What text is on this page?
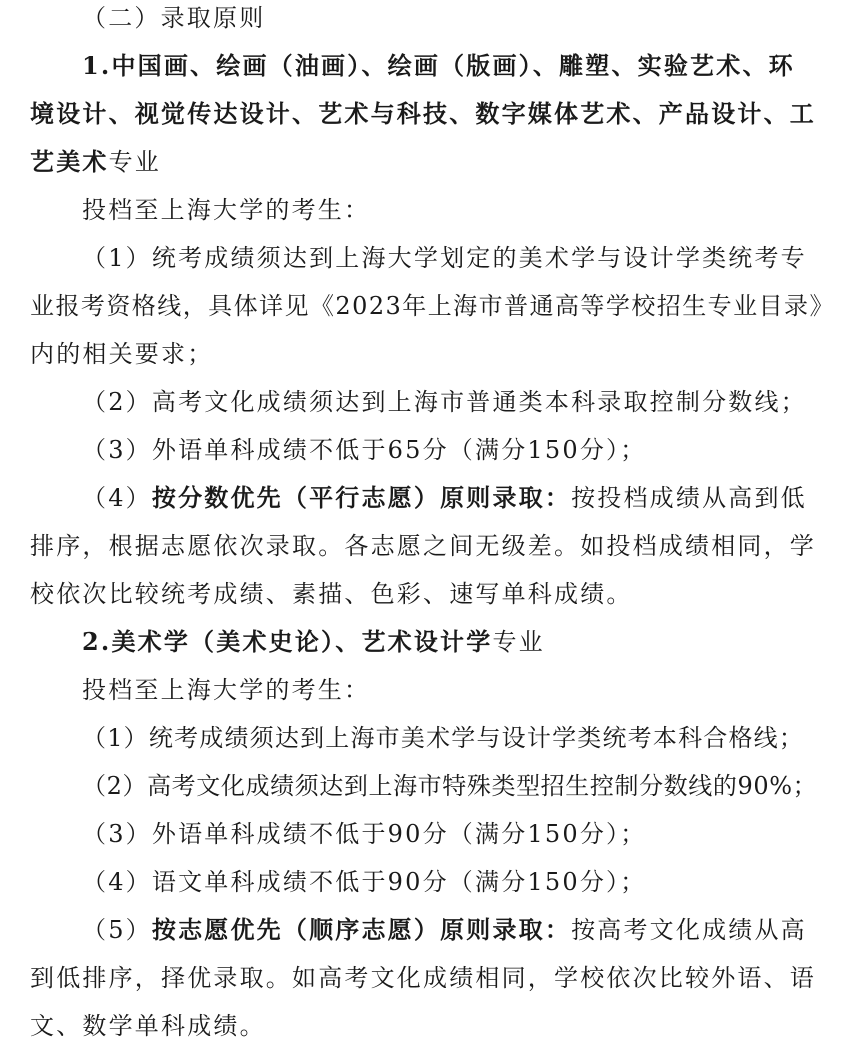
（二）录取原则
1.中国画、绘画（油画）、绘画（版画）、雕塑、实验艺术、环
境设计、视觉传达设计、艺术与科技、数字媒体艺术、产品设计、工
艺美术专业
投档至上海大学的考生：
（1）统考成绩须达到上海大学划定的美术学与设计学类统考专
业报考资格线，具体详见《2023年上海市普通高等学校招生专业目录》
内的相关要求；
（2）高考文化成绩须达到上海市普通类本科录取控制分数线；
（3）外语单科成绩不低于65分（满分150分）；
（4）按分数优先（平行志愿）原则录取：按投档成绩从高到低
排序，根据志愿依次录取。各志愿之间无级差。如投档成绩相同，学
校依次比较统考成绩、素描、色彩、速写单科成绩。
2.美术学（美术史论）、艺术设计学专业
投档至上海大学的考生：
（1）统考成绩须达到上海市美术学与设计学类统考本科合格线；
（2）高考文化成绩须达到上海市特殊类型招生控制分数线的90%；
（3）外语单科成绩不低于90分（满分150分）；
（4）语文单科成绩不低于90分（满分150分）；
（5）按志愿优先（顺序志愿）原则录取：按高考文化成绩从高
到低排序，择优录取。如高考文化成绩相同，学校依次比较外语、语
文、数学单科成绩。
